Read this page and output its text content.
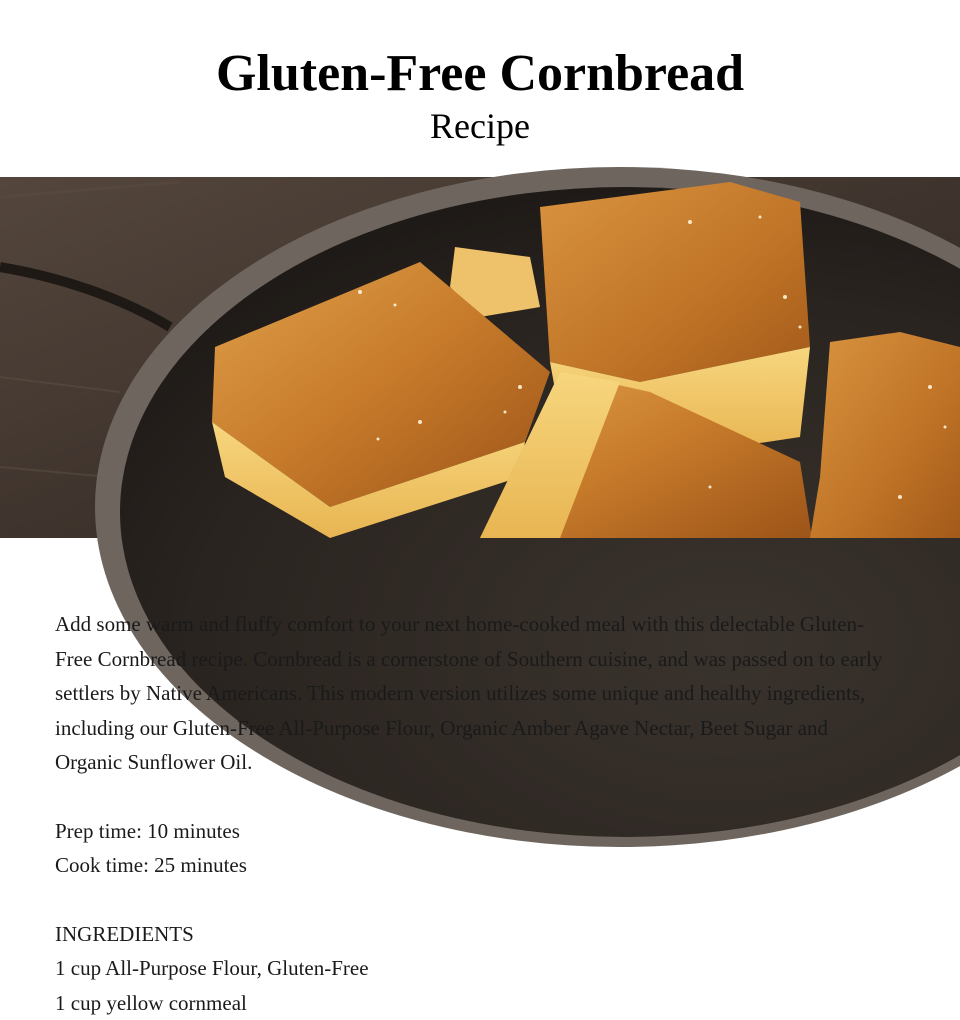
Gluten-Free Cornbread
Recipe

Add some warm and fluffy comfort to your next home-cooked meal with this delectable Gluten-Free Cornbread recipe. Cornbread is a cornerstone of Southern cuisine, and was passed on to early settlers by Native Americans. This modern version utilizes some unique and healthy ingredients, including our Gluten-Free All-Purpose Flour, Organic Amber Agave Nectar, Beet Sugar and Organic Sunflower Oil.

Prep time: 10 minutes

Cook time: 25 minutes

INGREDIENTS

1 cup All-Purpose Flour, Gluten-Free

1 cup yellow cornmeal
